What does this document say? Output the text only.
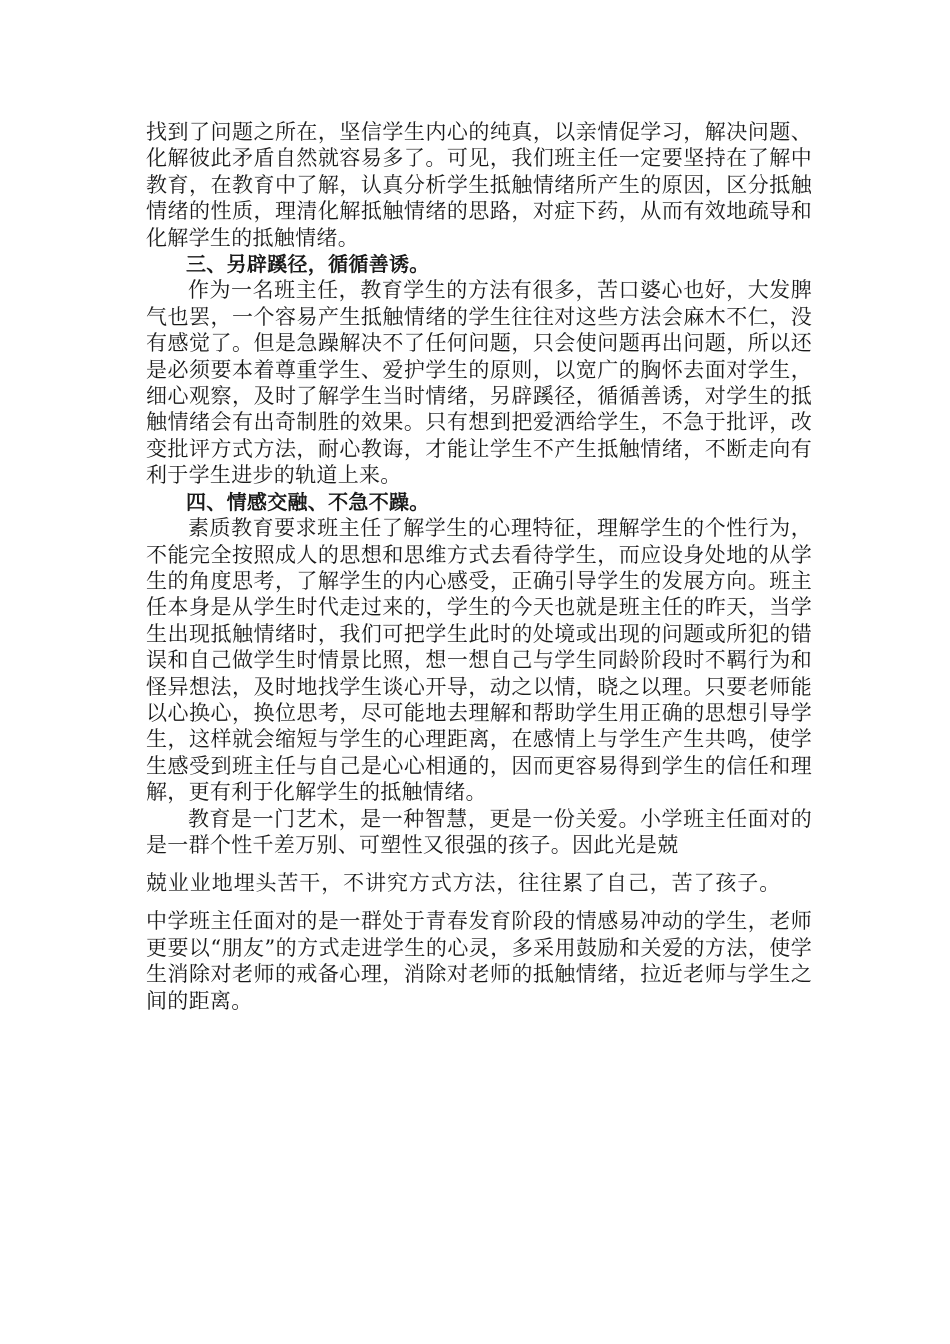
找到了问题之所在，坚信学生内心的纯真，以亲情促学习，解决问题、化解彼此矛盾自然就容易多了。可见，我们班主任一定要坚持在了解中教育，在教育中了解，认真分析学生抵触情绪所产生的原因，区分抵触情绪的性质，理清化解抵触情绪的思路，对症下药，从而有效地疏导和化解学生的抵触情绪。

三、另辟蹊径，循循善诱。

作为一名班主任，教育学生的方法有很多，苦口婆心也好，大发脾气也罢，一个容易产生抵触情绪的学生往往对这些方法会麻木不仁，没有感觉了。但是急躁解决不了任何问题，只会使问题再出问题，所以还是必须要本着尊重学生、爱护学生的原则，以宽广的胸怀去面对学生，细心观察，及时了解学生当时情绪，另辟蹊径，循循善诱，对学生的抵触情绪会有出奇制胜的效果。只有想到把爱洒给学生，不急于批评，改变批评方式方法，耐心教诲，才能让学生不产生抵触情绪，不断走向有利于学生进步的轨道上来。

四、情感交融、不急不躁。

素质教育要求班主任了解学生的心理特征，理解学生的个性行为，不能完全按照成人的思想和思维方式去看待学生，而应设身处地的从学生的角度思考，了解学生的内心感受，正确引导学生的发展方向。班主任本身是从学生时代走过来的，学生的今天也就是班主任的昨天，当学生出现抵触情绪时，我们可把学生此时的处境或出现的问题或所犯的错误和自己做学生时情景比照，想一想自己与学生同龄阶段时不羁行为和怪异想法，及时地找学生谈心开导，动之以情，晓之以理。只要老师能以心换心，换位思考，尽可能地去理解和帮助学生用正确的思想引导学生，这样就会缩短与学生的心理距离，在感情上与学生产生共鸣，使学生感受到班主任与自己是心心相通的，因而更容易得到学生的信任和理解，更有利于化解学生的抵触情绪。

教育是一门艺术，是一种智慧，更是一份关爱。小学班主任面对的是一群个性千差万别、可塑性又很强的孩子。因此光是兢

兢业业地埋头苦干，不讲究方式方法，往往累了自己，苦了孩子。

中学班主任面对的是一群处于青春发育阶段的情感易冲动的学生，老师更要以“朋友”的方式走进学生的心灵，多采用鼓励和关爱的方法，使学生消除对老师的戒备心理，消除对老师的抵触情绪，拉近老师与学生之间的距离。
